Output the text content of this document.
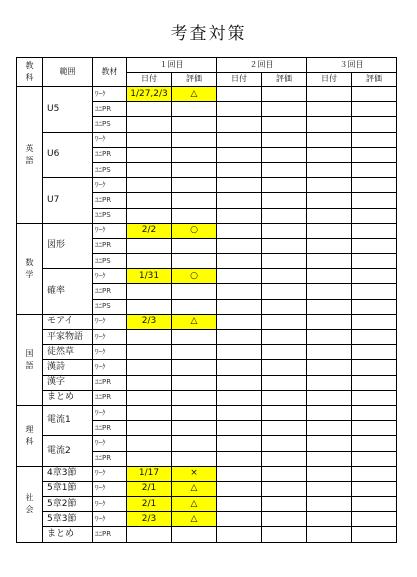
考査対策
教
科	範囲	教材	１回目		２回目		３回目	
			日付	評価	日付	評価	日付	評価

英
語	U5	ﾜｰｸ	1/27,2/3	△				
		ﾕﾆPR						
		ﾕﾆPS						
	U6	ﾜｰｸ						
		ﾕﾆPR						
		ﾕﾆPS						
	U7	ﾜｰｸ						
		ﾕﾆPR						
		ﾕﾆPS						

数
学	図形	ﾜｰｸ	2/2	○				
		ﾕﾆPR						
		ﾕﾆPS						
	確率	ﾜｰｸ	1/31	○				
		ﾕﾆPR						
		ﾕﾆPS						

国
語	モアイ	ﾜｰｸ	2/3	△				
	平家物語	ﾜｰｸ						
	徒然草	ﾜｰｸ						
	漢詩	ﾜｰｸ						
	漢字	ﾕﾆPR						
	まとめ	ﾕﾆPR						

理
科	電流1	ﾜｰｸ						
		ﾕﾆPR						
	電流2	ﾜｰｸ						
		ﾕﾆPR						

社
会	4章3節	ﾜｰｸ	1/17	×				
	5章1節	ﾜｰｸ	2/1	△				
	5章2節	ﾜｰｸ	2/1	△				
	5章3節	ﾜｰｸ	2/3	△				
	まとめ	ﾕﾆPR						
